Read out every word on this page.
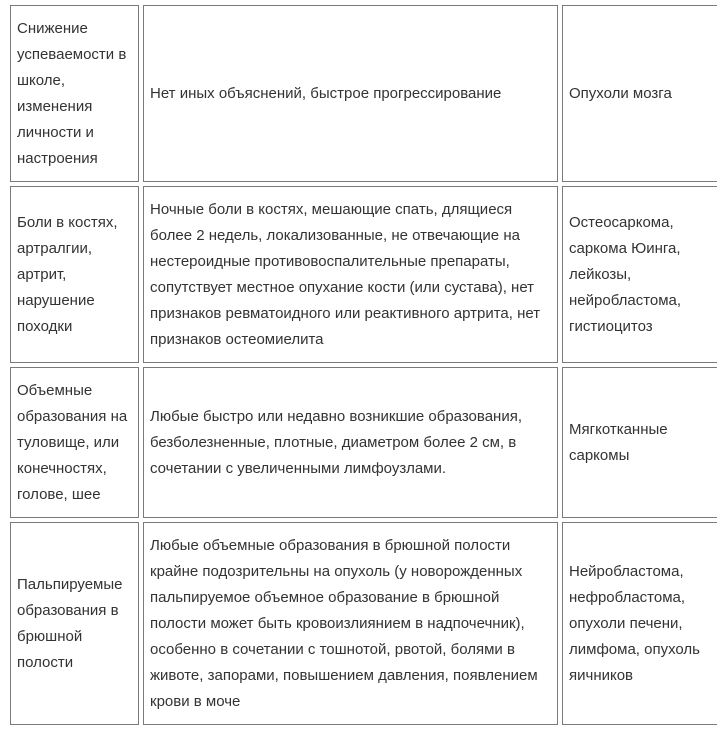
Снижение успеваемости в школе, изменения личности и настроения	Нет иных объяснений, быстрое прогрессирование	Опухоли мозга
Боли в костях, артралгии, артрит, нарушение походки	Ночные боли в костях, мешающие спать, длящиеся более 2 недель, локализованные, не отвечающие на нестероидные противовоспалительные препараты, сопутствует местное опухание кости (или сустава), нет признаков ревматоидного или реактивного артрита, нет признаков остеомиелита	Остеосаркома, саркома Юинга, лейкозы, нейробластома, гистиоцитоз
Объемные образования на туловище, или конечностях, голове, шее	Любые быстро или недавно возникшие образования, безболезненные, плотные, диаметром более 2 см, в сочетании с увеличенными лимфоузлами.	Мягкотканные саркомы
Пальпируемые образования в брюшной полости	Любые объемные образования в брюшной полости крайне подозрительны на опухоль (у новорожденных пальпируемое объемное образование в брюшной полости может быть кровоизлиянием в надпочечник), особенно в сочетании с тошнотой, рвотой, болями в животе, запорами, повышением давления, появлением крови в моче	Нейробластома, нефробластома, опухоли печени, лимфома, опухоль яичников
